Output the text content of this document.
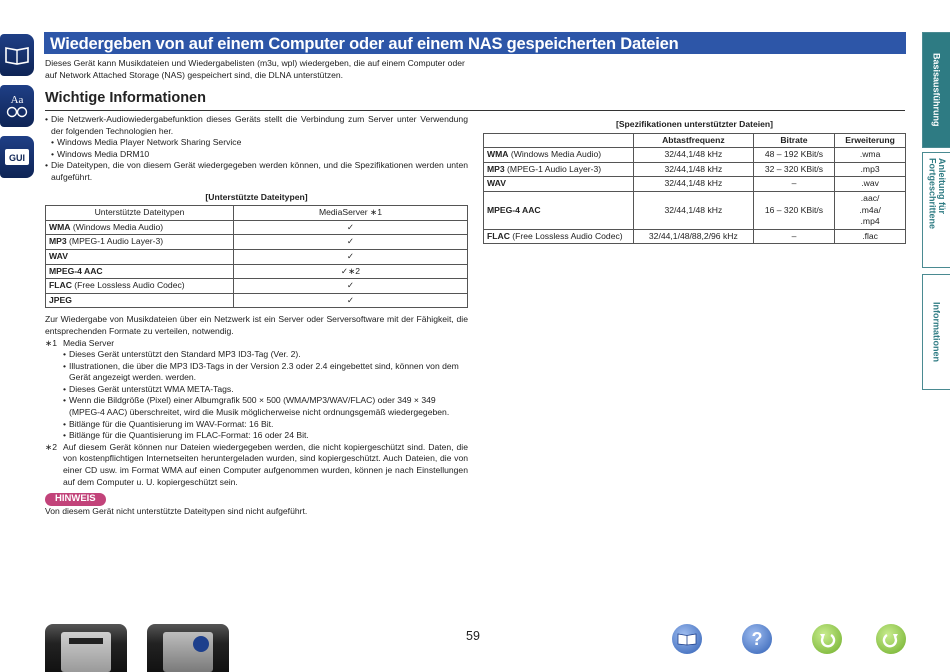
Aa
GUI
Wiedergeben von auf einem Computer oder auf einem NAS gespeicherten Dateien

Dieses Gerät kann Musikdateien und Wiedergabelisten (m3u, wpl) wiedergeben, die auf einem Computer oder auf Network Attached Storage (NAS) gespeichert sind, die DLNA unterstützen.

Wichtige Informationen

• Die Netzwerk-Audiowiedergabefunktion dieses Geräts stellt die Verbindung zum Server unter Verwendung der folgenden Technologien her.

• Windows Media Player Network Sharing Service

• Windows Media DRM10

• Die Dateitypen, die von diesem Gerät wiedergegeben werden können, und die Spezifikationen werden unten aufgeführt.

[Unterstützte Dateitypen]
Unterstützte Dateitypen	MediaServer ∗1
WMA (Windows Media Audio)	✓
MP3 (MPEG-1 Audio Layer-3)	✓
WAV	✓
MPEG-4 AAC	✓∗2
FLAC (Free Lossless Audio Codec)	✓
JPEG	✓

Zur Wiedergabe von Musikdateien über ein Netzwerk ist ein Server oder Serversoftware mit der Fähigkeit, die entsprechenden Formate zu verteilen, notwendig.

∗1 Media Server
• Dieses Gerät unterstützt den Standard MP3 ID3-Tag (Ver. 2).
• Illustrationen, die über die MP3 ID3-Tags in der Version 2.3 oder 2.4 eingebettet sind, können von dem Gerät angezeigt werden. werden.
• Dieses Gerät unterstützt WMA META-Tags.
• Wenn die Bildgröße (Pixel) einer Albumgrafik 500 × 500 (WMA/MP3/WAV/FLAC) oder 349 × 349 (MPEG-4 AAC) überschreitet, wird die Musik möglicherweise nicht ordnungsgemäß wiedergegeben.
• Bitlänge für die Quantisierung im WAV-Format: 16 Bit.
• Bitlänge für die Quantisierung im FLAC-Format: 16 oder 24 Bit.
∗2 Auf diesem Gerät können nur Dateien wiedergegeben werden, die nicht kopiergeschützt sind. Daten, die von kostenpflichtigen Internetseiten heruntergeladen wurden, sind kopiergeschützt. Auch Dateien, die von einer CD usw. im Format WMA auf einen Computer aufgenommen wurden, können je nach Einstellungen auf dem Computer u. U. kopiergeschützt sein.

HINWEIS

Von diesem Gerät nicht unterstützte Dateitypen sind nicht aufgeführt.

[Spezifikationen unterstützter Dateien]
	Abtastfrequenz	Bitrate	Erweiterung
WMA (Windows Media Audio)	32/44,1/48 kHz	48 – 192 KBit/s	.wma
MP3 (MPEG-1 Audio Layer-3)	32/44,1/48 kHz	32 – 320 KBit/s	.mp3
WAV	32/44,1/48 kHz	–	.wav
MPEG-4 AAC	32/44,1/48 kHz	16 – 320 KBit/s	.aac/
.m4a/
.mp4
FLAC (Free Lossless Audio Codec)	32/44,1/48/88,2/96 kHz	–	.flac
Basisausführung
Anleitung für Fortgeschrittene
Informationen
59	?
